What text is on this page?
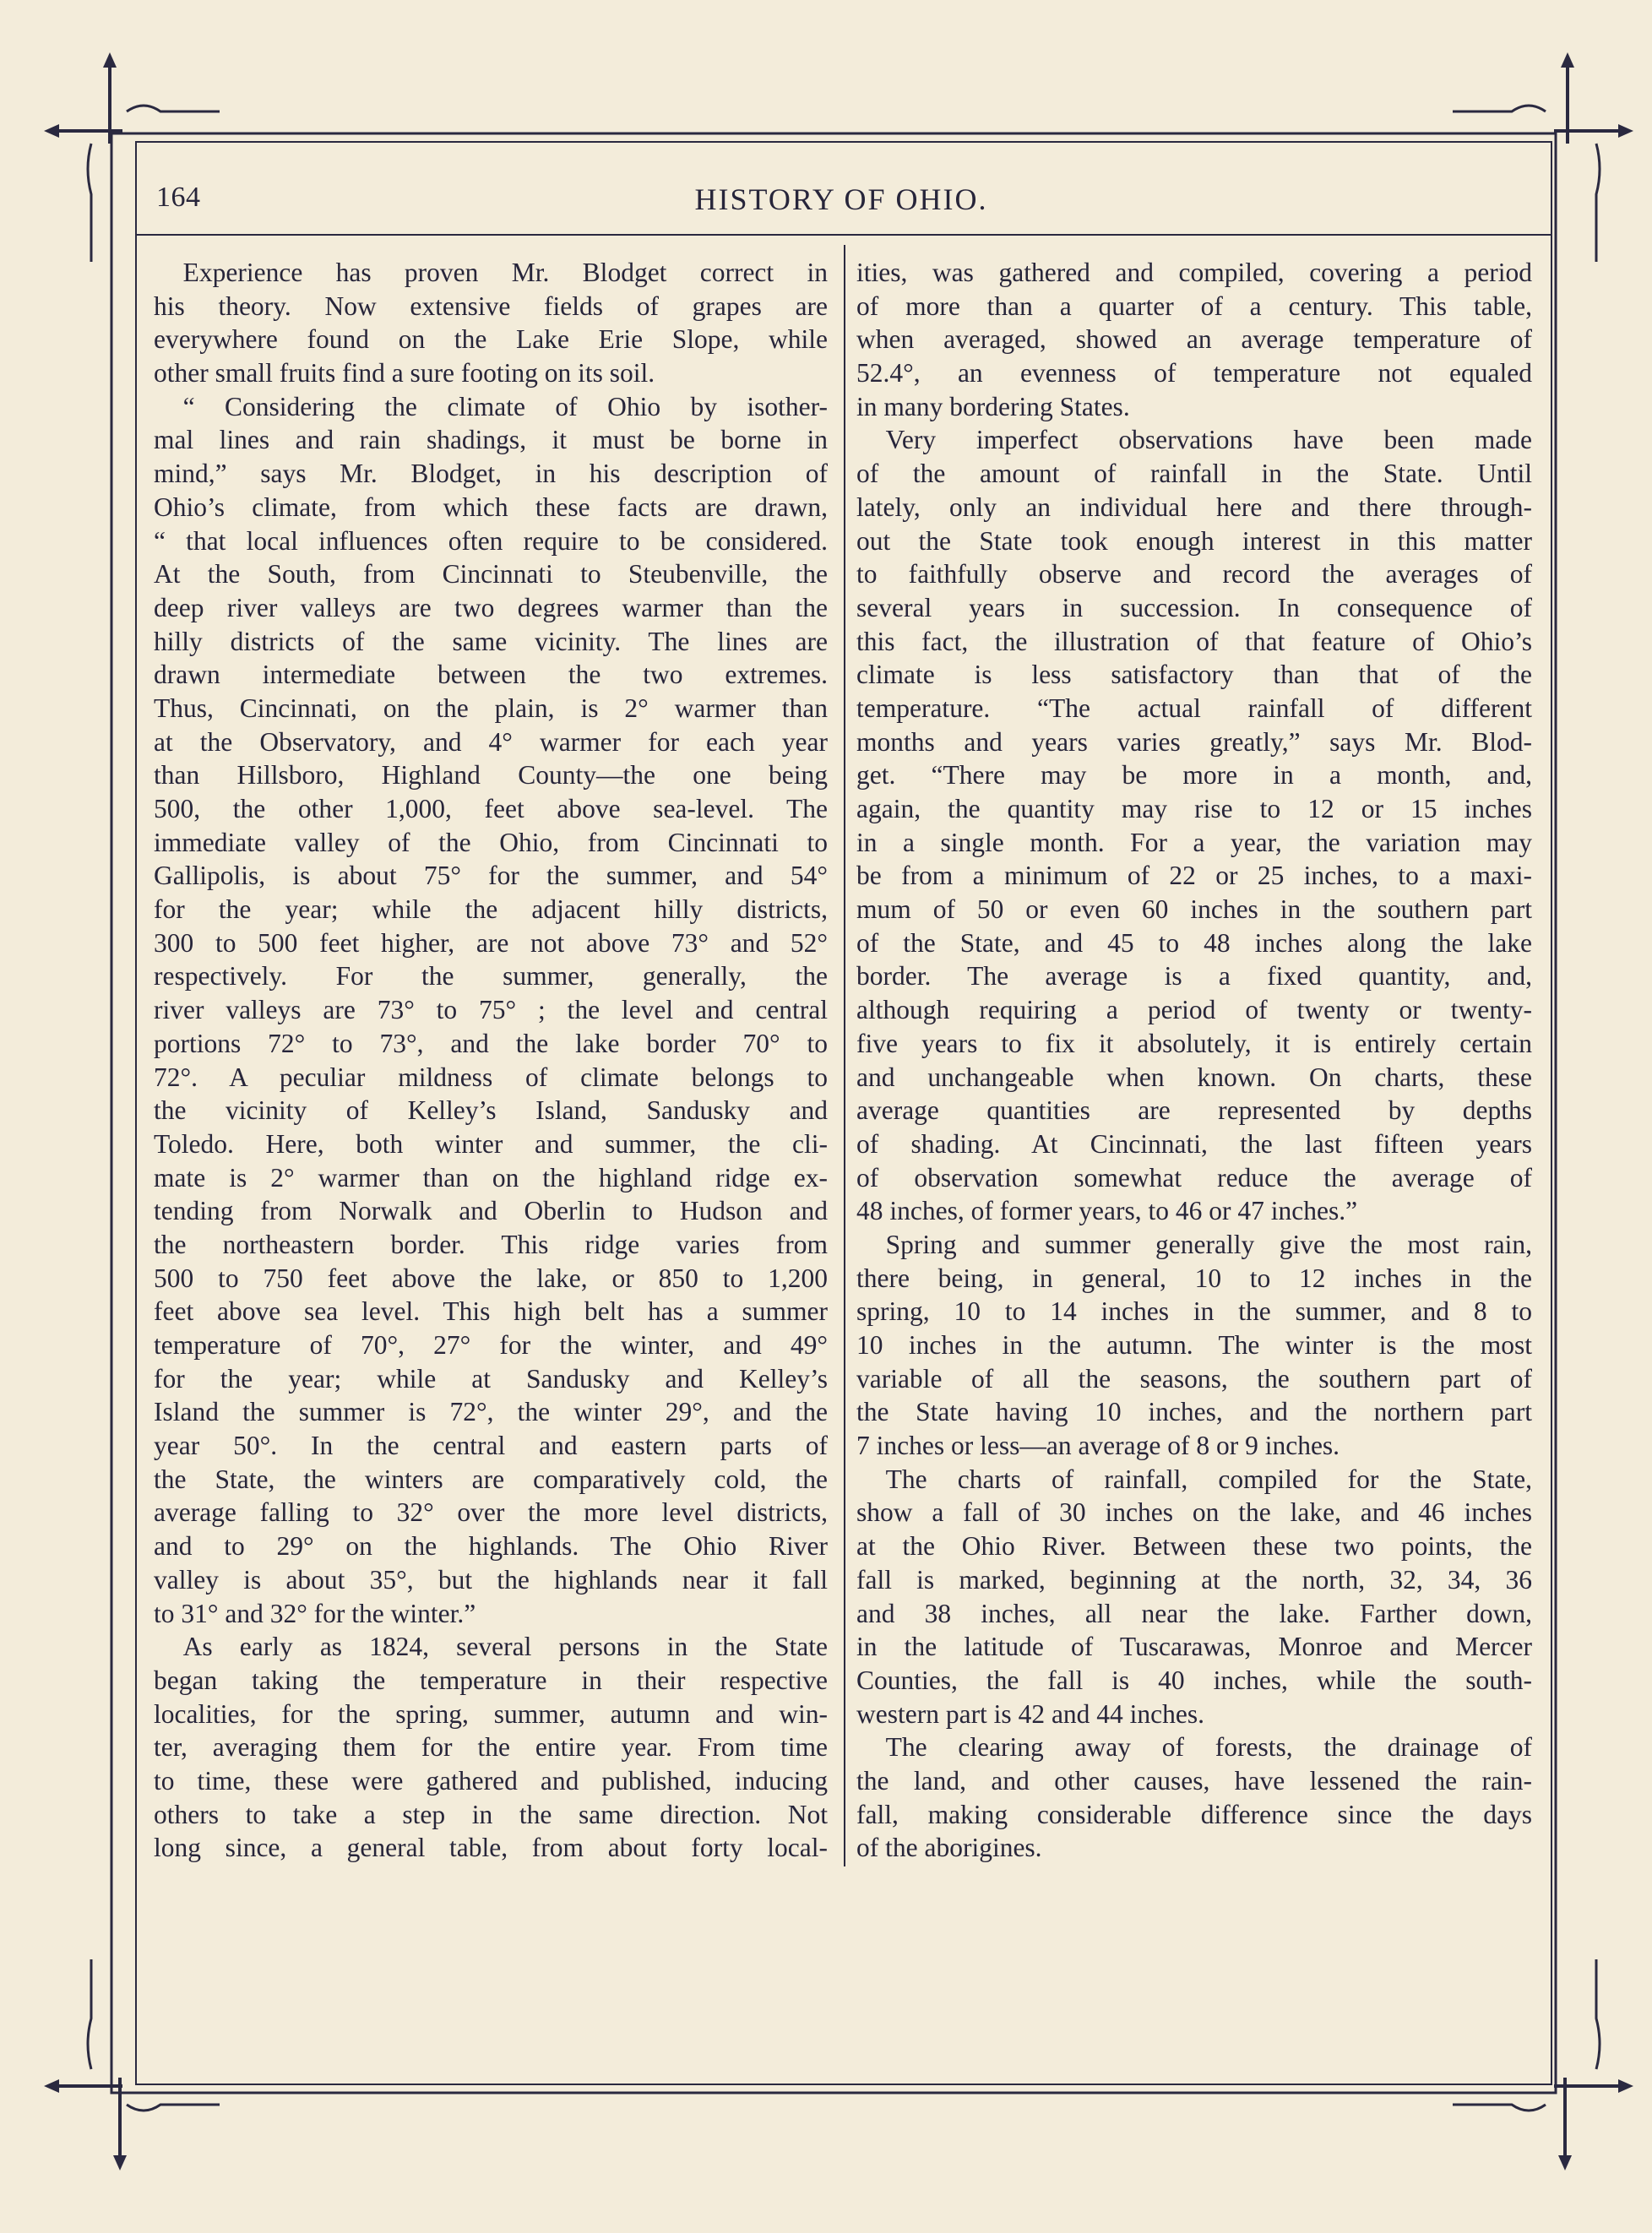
164	HISTORY OF OHIO.
Experience has proven Mr. Blodget correct in
his theory. Now extensive fields of grapes are
everywhere found on the Lake Erie Slope, while
other small fruits find a sure footing on its soil.
“ Considering the climate of Ohio by isother-
mal lines and rain shadings, it must be borne in
mind,” says Mr. Blodget, in his description of
Ohio’s climate, from which these facts are drawn,
“ that local influences often require to be considered.
At the South, from Cincinnati to Steubenville, the
deep river valleys are two degrees warmer than the
hilly districts of the same vicinity. The lines are
drawn intermediate between the two extremes.
Thus, Cincinnati, on the plain, is 2° warmer than
at the Observatory, and 4° warmer for each year
than Hillsboro, Highland County—the one being
500, the other 1,000, feet above sea-level. The
immediate valley of the Ohio, from Cincinnati to
Gallipolis, is about 75° for the summer, and 54°
for the year; while the adjacent hilly districts,
300 to 500 feet higher, are not above 73° and 52°
respectively. For the summer, generally, the
river valleys are 73° to 75° ; the level and central
portions 72° to 73°, and the lake border 70° to
72°. A peculiar mildness of climate belongs to
the vicinity of Kelley’s Island, Sandusky and
Toledo. Here, both winter and summer, the cli-
mate is 2° warmer than on the highland ridge ex-
tending from Norwalk and Oberlin to Hudson and
the northeastern border. This ridge varies from
500 to 750 feet above the lake, or 850 to 1,200
feet above sea level. This high belt has a summer
temperature of 70°, 27° for the winter, and 49°
for the year; while at Sandusky and Kelley’s
Island the summer is 72°, the winter 29°, and the
year 50°. In the central and eastern parts of
the State, the winters are comparatively cold, the
average falling to 32° over the more level districts,
and to 29° on the highlands. The Ohio River
valley is about 35°, but the highlands near it fall
to 31° and 32° for the winter.”
As early as 1824, several persons in the State
began taking the temperature in their respective
localities, for the spring, summer, autumn and win-
ter, averaging them for the entire year. From time
to time, these were gathered and published, inducing
others to take a step in the same direction. Not
long since, a general table, from about forty local-
ities, was gathered and compiled, covering a period
of more than a quarter of a century. This table,
when averaged, showed an average temperature of
52.4°, an evenness of temperature not equaled
in many bordering States.
Very imperfect observations have been made
of the amount of rainfall in the State. Until
lately, only an individual here and there through-
out the State took enough interest in this matter
to faithfully observe and record the averages of
several years in succession. In consequence of
this fact, the illustration of that feature of Ohio’s
climate is less satisfactory than that of the
temperature. “The actual rainfall of different
months and years varies greatly,” says Mr. Blod-
get. “There may be more in a month, and,
again, the quantity may rise to 12 or 15 inches
in a single month. For a year, the variation may
be from a minimum of 22 or 25 inches, to a maxi-
mum of 50 or even 60 inches in the southern part
of the State, and 45 to 48 inches along the lake
border. The average is a fixed quantity, and,
although requiring a period of twenty or twenty-
five years to fix it absolutely, it is entirely certain
and unchangeable when known. On charts, these
average quantities are represented by depths
of shading. At Cincinnati, the last fifteen years
of observation somewhat reduce the average of
48 inches, of former years, to 46 or 47 inches.”
Spring and summer generally give the most rain,
there being, in general, 10 to 12 inches in the
spring, 10 to 14 inches in the summer, and 8 to
10 inches in the autumn. The winter is the most
variable of all the seasons, the southern part of
the State having 10 inches, and the northern part
7 inches or less—an average of 8 or 9 inches.
The charts of rainfall, compiled for the State,
show a fall of 30 inches on the lake, and 46 inches
at the Ohio River. Between these two points, the
fall is marked, beginning at the north, 32, 34, 36
and 38 inches, all near the lake. Farther down,
in the latitude of Tuscarawas, Monroe and Mercer
Counties, the fall is 40 inches, while the south-
western part is 42 and 44 inches.
The clearing away of forests, the drainage of
the land, and other causes, have lessened the rain-
fall, making considerable difference since the days
of the aborigines.
